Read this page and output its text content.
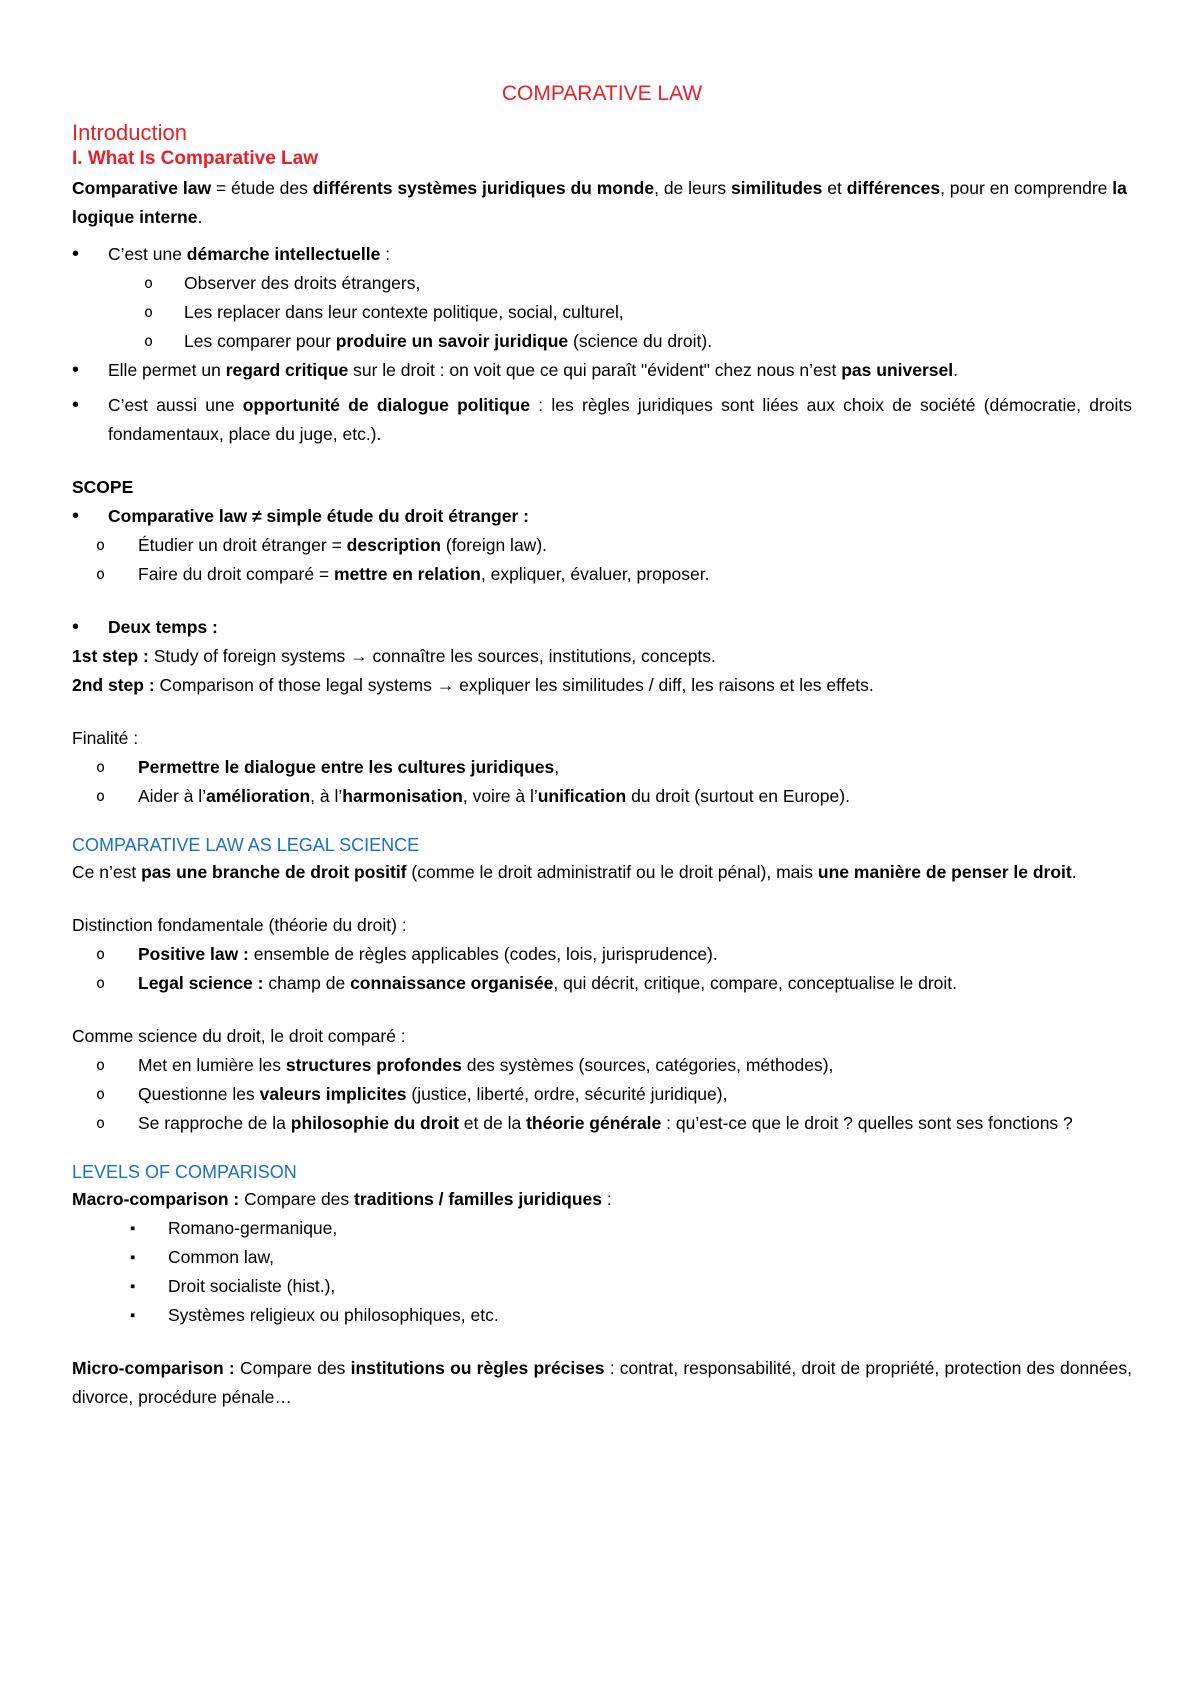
COMPARATIVE LAW
Introduction
I. What Is Comparative Law

Comparative law = étude des différents systèmes juridiques du monde, de leurs similitudes et différences, pour en comprendre la logique interne.

• C’est une démarche intellectuelle :
o Observer des droits étrangers,
o Les replacer dans leur contexte politique, social, culturel,
o Les comparer pour produire un savoir juridique (science du droit).
• Elle permet un regard critique sur le droit : on voit que ce qui paraît "évident" chez nous n’est pas universel.
• C’est aussi une opportunité de dialogue politique : les règles juridiques sont liées aux choix de société (démocratie, droits fondamentaux, place du juge, etc.).

SCOPE

• Comparative law ≠ simple étude du droit étranger :
o Étudier un droit étranger = description (foreign law).
o Faire du droit comparé = mettre en relation, expliquer, évaluer, proposer.
• Deux temps :

1st step : Study of foreign systems → connaître les sources, institutions, concepts.

2nd step : Comparison of those legal systems → expliquer les similitudes / diff, les raisons et les effets.

Finalité :

o Permettre le dialogue entre les cultures juridiques,
o Aider à l’amélioration, à l’harmonisation, voire à l’unification du droit (surtout en Europe).
COMPARATIVE LAW AS LEGAL SCIENCE

Ce n’est pas une branche de droit positif (comme le droit administratif ou le droit pénal), mais une manière de penser le droit.

Distinction fondamentale (théorie du droit) :

o Positive law : ensemble de règles applicables (codes, lois, jurisprudence).
o Legal science : champ de connaissance organisée, qui décrit, critique, compare, conceptualise le droit.

Comme science du droit, le droit comparé :

o Met en lumière les structures profondes des systèmes (sources, catégories, méthodes),
o Questionne les valeurs implicites (justice, liberté, ordre, sécurité juridique),
o Se rapproche de la philosophie du droit et de la théorie générale : qu’est-ce que le droit ? quelles sont ses fonctions ?
LEVELS OF COMPARISON

Macro-comparison : Compare des traditions / familles juridiques :

▪ Romano-germanique,
▪ Common law,
▪ Droit socialiste (hist.),
▪ Systèmes religieux ou philosophiques, etc.

Micro-comparison : Compare des institutions ou règles précises : contrat, responsabilité, droit de propriété, protection des données, divorce, procédure pénale…
